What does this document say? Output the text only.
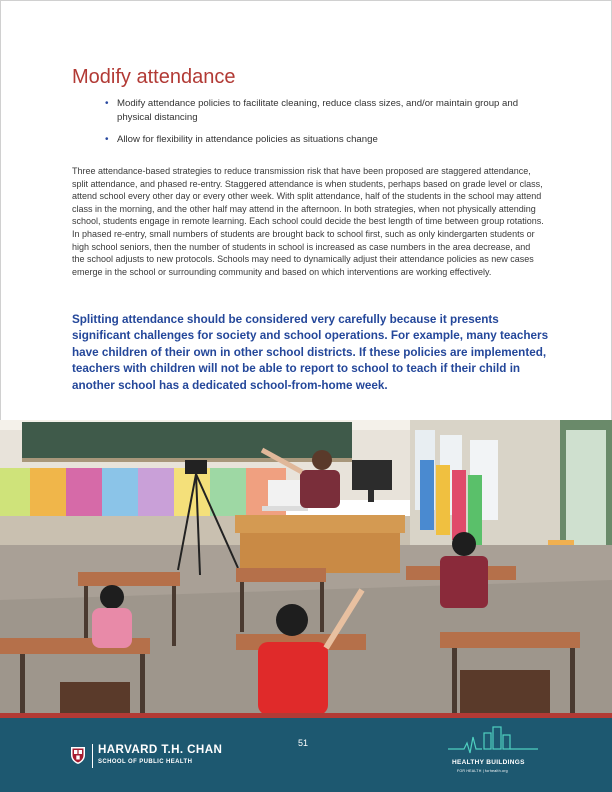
Modify attendance
• Modify attendance policies to facilitate cleaning, reduce class sizes, and/or maintain group and physical distancing
• Allow for flexibility in attendance policies as situations change

Three attendance-based strategies to reduce transmission risk that have been proposed are staggered attendance, split attendance, and phased re-entry. Staggered attendance is when students, perhaps based on grade level or class, attend school every other day or every other week. With split attendance, half of the students in the school may attend class in the morning, and the other half may attend in the afternoon. In both strategies, when not physically attending school, students engage in remote learning. Each school could decide the best length of time between group rotations. In phased re-entry, small numbers of students are brought back to school first, such as only kindergarten students or high school seniors, then the number of students in school is increased as case numbers in the area decrease, and the school adjusts to new protocols. Schools may need to dynamically adjust their attendance policies as new cases emerge in the school or surrounding community and based on which interventions are working effectively.

Splitting attendance should be considered very carefully because it presents significant challenges for society and school operations. For example, many teachers have children of their own in other school districts. If these policies are implemented, teachers with children will not be able to report to school to teach if their child in another school has a dedicated school-from-home week.

HARVARD T.H. CHAN
SCHOOL OF PUBLIC HEALTH
51
HEALTHY BUILDINGS
FOR HEALTH | forhealth.org
